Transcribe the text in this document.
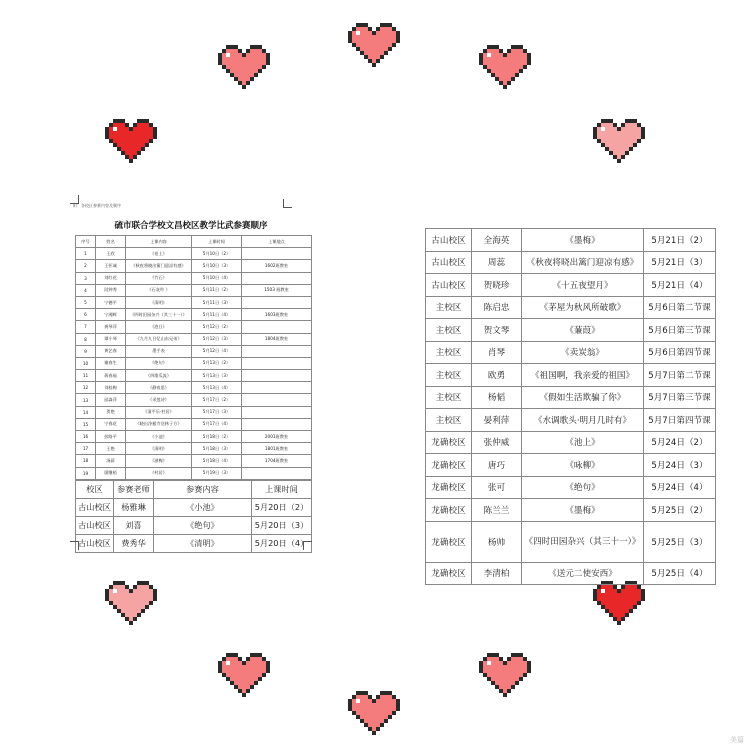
附：各校区参赛内容及顺序
硫市联合学校文昌校区教学比武参赛顺序
序号	姓名	上课内容	上课时间	上课地点
1	王欣	《卷上》	5月10日（2）	
2	王怀诚	《秋夜将晓出篱门迎凉有感》	5月10日（3）	1602班教室
3	刘红花	《竹石》	5月10日（4）	
4	段钟秀	《石灰吟 》	5月11日（2）	1503 班教室
5	宁德平	《清明》	5月11日（3）	
6	宁湘辉	《四时田园杂兴（其三十一）》	5月11日（4）	1603班教室
7	龚琴萍	《泡日》	5月12日（2）	
8	谭小琴	《九月九日忆山东兄弟》	5月12日（3）	1804班教室
9	黄艺春	墨手表	5月12日（4）	
10	谢春生	《绝句》	5月13日（2）	
11	蒋春福	《四歌瓜流》	5月13日（3）	
12	刘桂梅	《静夜思》	5月13日（4）	
13	邱淼萍	《采莲诗》	5月17日（2）	
14	贺艳	《清平乐·村居》	5月17日（3）	
15	宁春花	《晓出净慈寺送林子方》	5月17日（4）	
16	彭路平	《小池》	5月18日（2）	2001班教室
17	王艳	《清明》	5月18日（3）	1801班教室
18	汤蔚	《滋梅》	5月18日（4）	1704班教室
19	廖继梧	《村居》	5月19日（3）	
校区	参赛老师	参赛内容	上课时间
古山校区	杨雅琳	《小池》	5月20日（2）
古山校区	刘喜	《绝句》	5月20日（3）
古山校区	费秀华	《清明》	5月20日（4）
古山校区	全海英	《墨梅》	5月21日（2）
古山校区	周蕊	《秋夜将晓出篱门迎凉有感》	5月21日（3）
古山校区	贺晓珍	《十五夜望月》	5月21日（4）
主校区	陈启忠	《茅屋为秋风所破歌》	5月6日第二节课
主校区	贺文琴	《蒹葭》	5月6日第三节课
主校区	肖琴	《卖炭翁》	5月6日第四节课
主校区	欧勇	《祖国啊，我亲爱的祖国》	5月7日第二节课
主校区	杨韬	《假如生活欺骗了你》	5月7日第三节课
主校区	晏利萍	《水调歌头·明月几时有》	5月7日第四节课
龙确校区	张仲威	《池上》	5月24日（2）
龙确校区	唐巧	《咏柳》	5月24日（3）
龙确校区	张可	《绝句》	5月24日（4）
龙确校区	陈兰兰	《墨梅》	5月25日（2）
龙确校区	杨帅	《四时田园杂兴（其三十一）》	5月25日（3）
龙确校区	李清柏	《送元二使安西》	5月25日（4）
美篇
